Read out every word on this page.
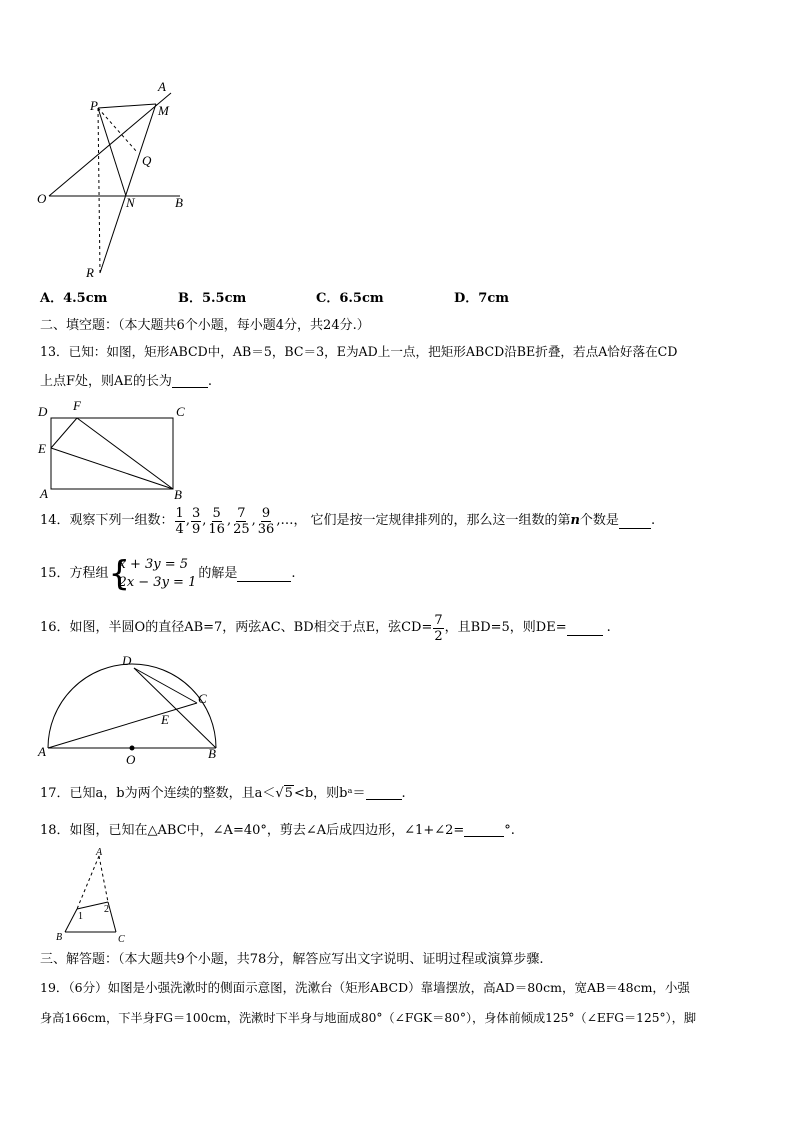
A
M
P
Q
O	N	B
R
A．4.5cm	B．5.5cm	C．6.5cm	D．7cm
二、填空题：（本大题共6个小题，每小题4分，共24分.）
13．已知：如图，矩形ABCD中，AB＝5，BC＝3，E为AD上一点，把矩形ABCD沿BE折叠，若点A恰好落在CD
上点F处，则AE的长为	.
D F	C
E
A	B
14．观察下列一组数： $\frac{1}{4}$ , $\frac{3}{9}$ , $\frac{5}{16}$ , $\frac{7}{25}$ , $\frac{9}{36}$ ,…， 它们是按一定规律排列的，那么这一组数的第 n 个数是 .
15．方程组 {
x + 3y = 5
2x − 3y = 1
的解是	.
16．如图，半圆O的直径AB=7，两弦AC、BD相交于点E，弦$CD= \frac{7}{2}$ ，且BD=5，则DE=	.
D
C
E
A
O	B
17．已知a，b为两个连续的整数，且a＜√5<b，则bᵃ＝	.
18．如图，已知在△ABC中，∠A=40°，剪去∠A后成四边形，∠1+∠2=	°.
A
1
2
B	C
三、解答题：（本大题共9个小题，共78分，解答应写出文字说明、证明过程或演算步骤.
19．（6分）如图是小强洗漱时的侧面示意图，洗漱台（矩形ABCD）靠墙摆放，高AD＝80cm，宽AB＝48cm，小强
身高166cm，下半身FG＝100cm，洗漱时下半身与地面成80°（∠FGK＝80°），身体前倾成125°（∠EFG＝125°），脚
